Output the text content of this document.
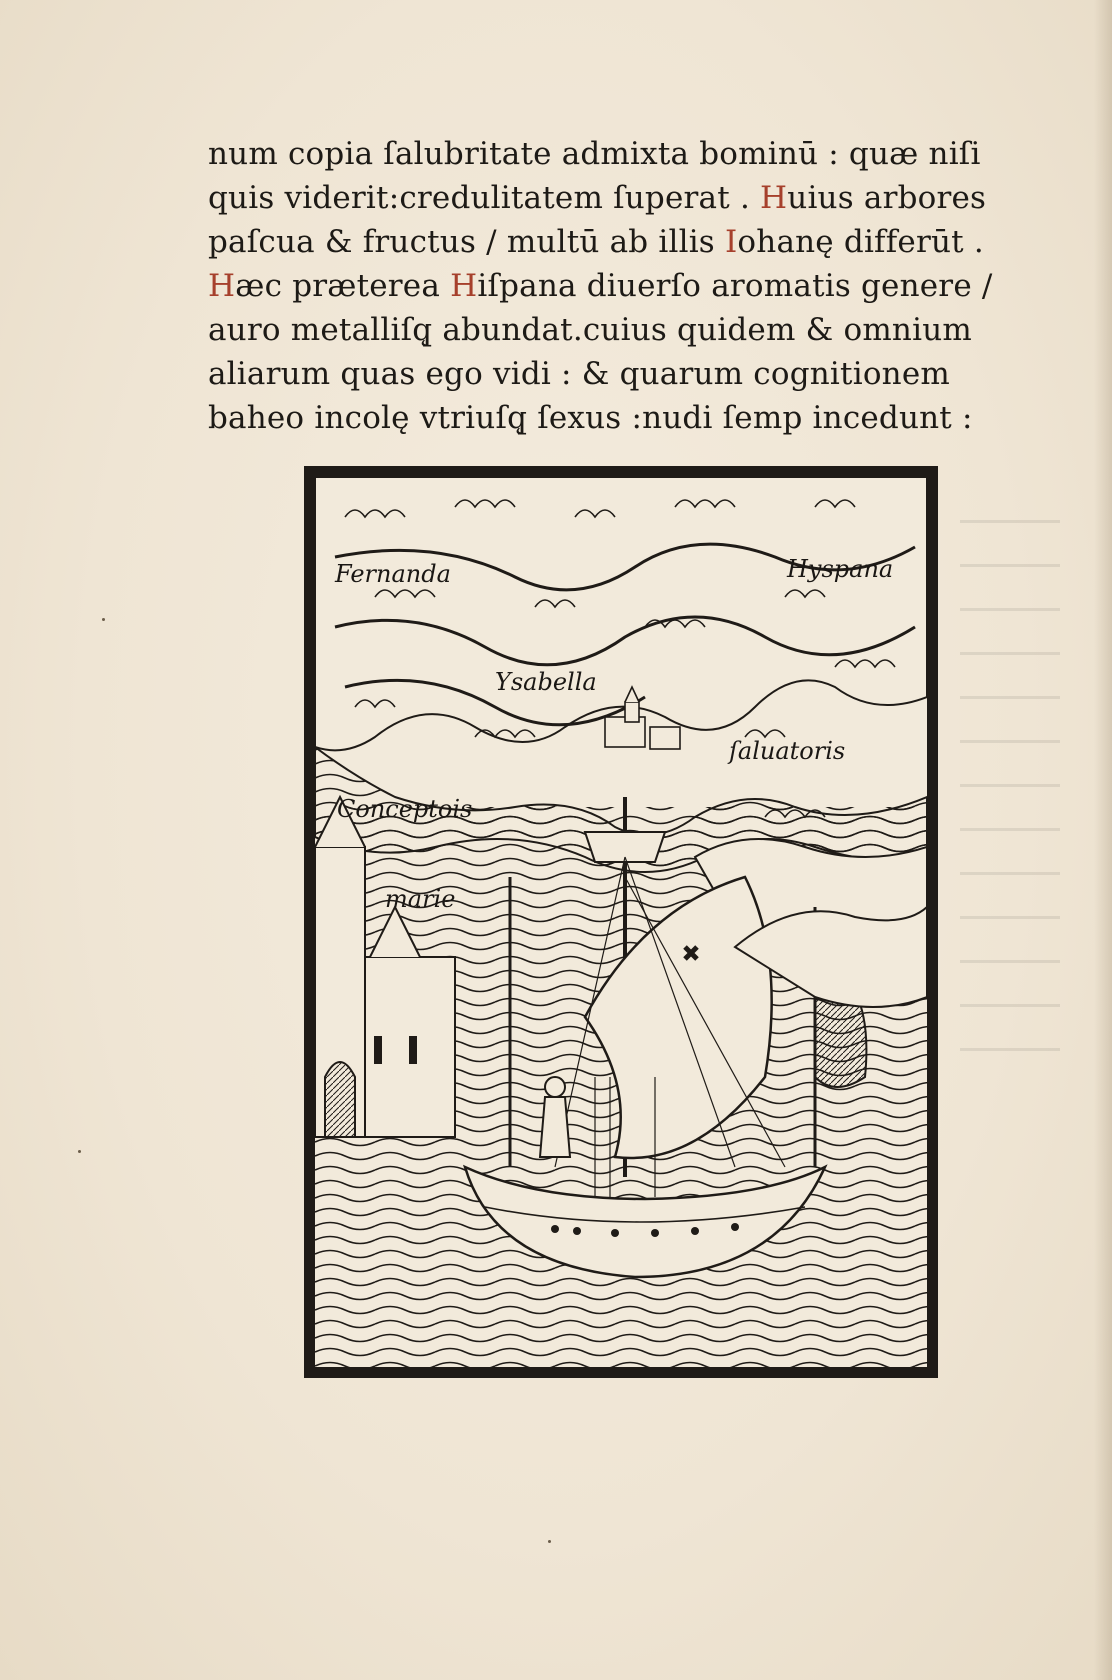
num copia ſalubritate admixta bominū : quæ niſi
quis viderit:credulitatem ſuperat . Huius arbores
paſcua & fructus / multū ab illis Iohanę differūt .
Hæc præterea Hiſpana diuerſo aromatis genere /
auro metalliſq̨ abundat.cuius quidem & omnium
aliarum quas ego vidi : & quarum cognitionem
baheo incolę vtriuſq̨ ſexus :nudi ſemp incedunt :
Fernanda	Hyspana
Ysabella
ſaluatoris
Conceptois
marie
